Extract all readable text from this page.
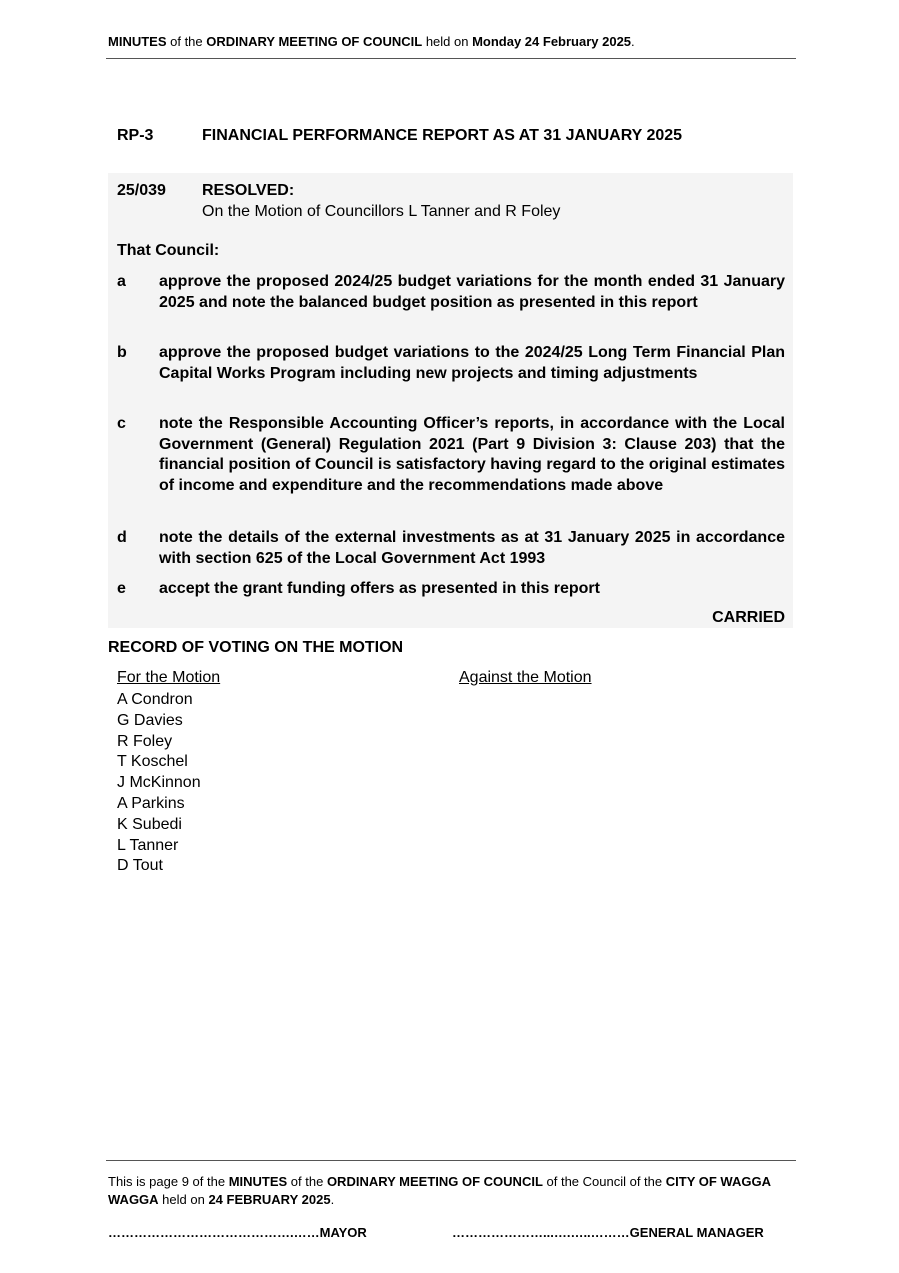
MINUTES of the ORDINARY MEETING OF COUNCIL held on Monday 24 February 2025.
RP-3	FINANCIAL PERFORMANCE REPORT AS AT 31 JANUARY 2025
25/039 RESOLVED:
On the Motion of Councillors L Tanner and R Foley
That Council:
a approve the proposed 2024/25 budget variations for the month ended 31 January 2025 and note the balanced budget position as presented in this report
b approve the proposed budget variations to the 2024/25 Long Term Financial Plan Capital Works Program including new projects and timing adjustments
c note the Responsible Accounting Officer’s reports, in accordance with the Local Government (General) Regulation 2021 (Part 9 Division 3: Clause 203) that the financial position of Council is satisfactory having regard to the original estimates of income and expenditure and the recommendations made above
d note the details of the external investments as at 31 January 2025 in accordance with section 625 of the Local Government Act 1993
e accept the grant funding offers as presented in this report
CARRIED
RECORD OF VOTING ON THE MOTION
For the Motion	Against the Motion
A Condron
G Davies
R Foley
T Koschel
J McKinnon
A Parkins
K Subedi
L Tanner
D Tout
This is page 9 of the MINUTES of the ORDINARY MEETING OF COUNCIL of the Council of the CITY OF WAGGA WAGGA held on 24 FEBRUARY 2025.
…………………………………….……MAYOR	…………………...….…..………GENERAL MANAGER
